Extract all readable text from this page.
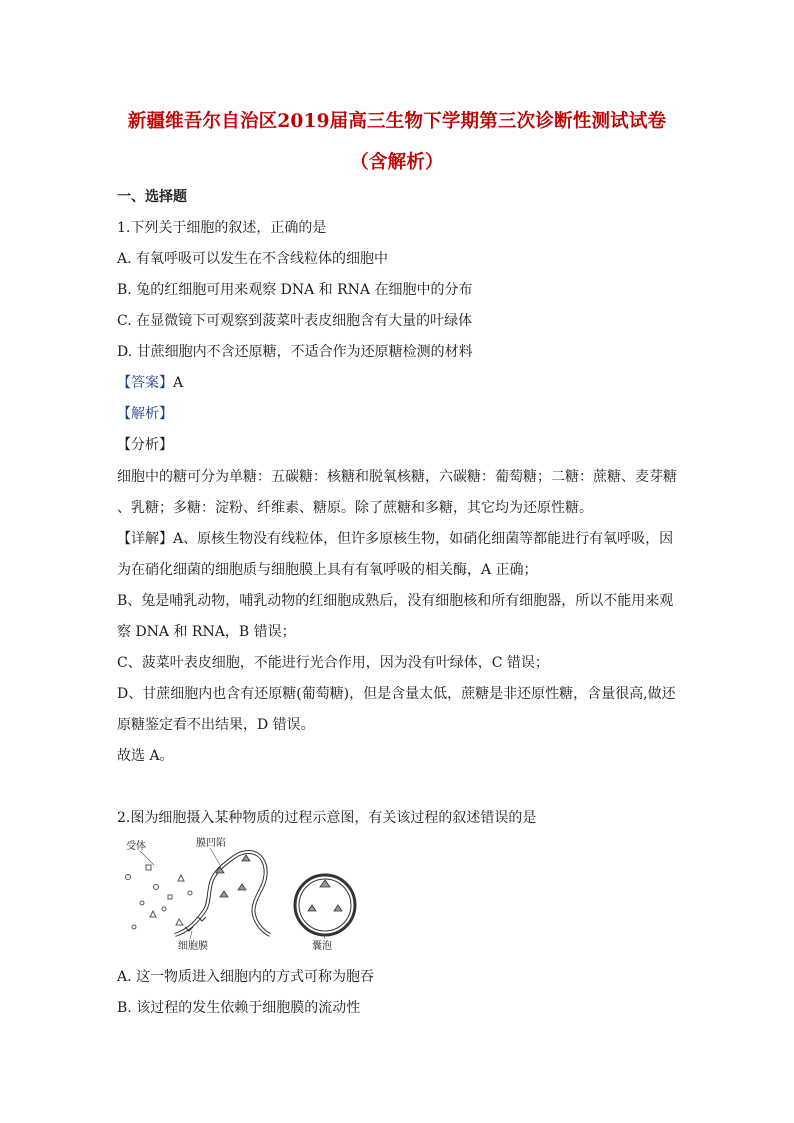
新疆维吾尔自治区2019届高三生物下学期第三次诊断性测试试卷
（含解析）
一、选择题
1.下列关于细胞的叙述，正确的是
A. 有氧呼吸可以发生在不含线粒体的细胞中
B. 兔的红细胞可用来观察 DNA 和 RNA 在细胞中的分布
C. 在显微镜下可观察到菠菜叶表皮细胞含有大量的叶绿体
D. 甘蔗细胞内不含还原糖，不适合作为还原糖检测的材料
【答案】A
【解析】
【分析】
细胞中的糖可分为单糖：五碳糖：核糖和脱氧核糖，六碳糖：葡萄糖；二糖：蔗糖、麦芽糖
、乳糖；多糖：淀粉、纤维素、糖原。除了蔗糖和多糖，其它均为还原性糖。
【详解】A、原核生物没有线粒体，但许多原核生物，如硝化细菌等都能进行有氧呼吸，因
为在硝化细菌的细胞质与细胞膜上具有有氧呼吸的相关酶，A 正确；
B、兔是哺乳动物，哺乳动物的红细胞成熟后，没有细胞核和所有细胞器，所以不能用来观
察 DNA 和 RNA，B 错误；
C、菠菜叶表皮细胞，不能进行光合作用，因为没有叶绿体，C 错误；
D、甘蔗细胞内也含有还原糖(葡萄糖)，但是含量太低，蔗糖是非还原性糖，含量很高,做还
原糖鉴定看不出结果，D 错误。
故选 A。
2.图为细胞摄入某种物质的过程示意图，有关该过程的叙述错误的是
受体	膜凹陷
细胞膜	囊泡
A. 这一物质进入细胞内的方式可称为胞吞
B. 该过程的发生依赖于细胞膜的流动性
